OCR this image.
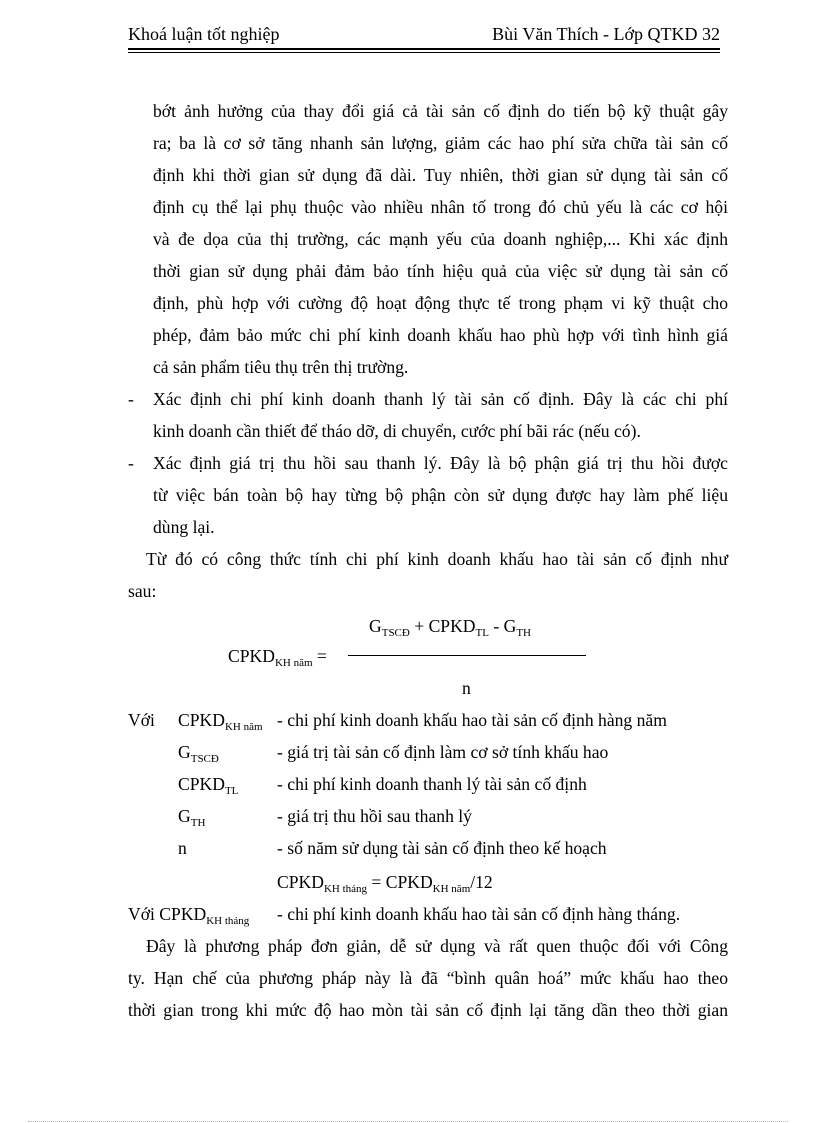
Khoá luận tốt nghiệp	Bùi Văn Thích - Lớp QTKD 32
bớt ảnh hưởng của thay đổi giá cả tài sản cố định do tiến bộ kỹ thuật gây
ra; ba là cơ sở tăng nhanh sản lượng, giảm các hao phí sửa chữa tài sản cố
định khi thời gian sử dụng đã dài. Tuy nhiên, thời gian sử dụng tài sản cố
định cụ thể lại phụ thuộc vào nhiều nhân tố trong đó chủ yếu là các cơ hội
và đe dọa của thị trường, các mạnh yếu của doanh nghiệp,... Khi xác định
thời gian sử dụng phải đảm bảo tính hiệu quả của việc sử dụng tài sản cố
định, phù hợp với cường độ hoạt động thực tế trong phạm vi kỹ thuật cho
phép, đảm bảo mức chi phí kinh doanh khấu hao phù hợp với tình hình giá
cả sản phẩm tiêu thụ trên thị trường.
- Xác định chi phí kinh doanh thanh lý tài sản cố định. Đây là các chi phí
kinh doanh cần thiết để tháo dỡ, di chuyển, cước phí bãi rác (nếu có).
- Xác định giá trị thu hồi sau thanh lý. Đây là bộ phận giá trị thu hồi được
từ việc bán toàn bộ hay từng bộ phận còn sử dụng được hay làm phế liệu
dùng lại.
Từ đó có công thức tính chi phí kinh doanh khấu hao tài sản cố định như
sau:
$G_{TSCĐ}$ + $CPKD_{TL} - G_{TH}$
$CPKD_{KH năm}$ =
n
Với $CPKD_{KH năm}$ - chi phí kinh doanh khấu hao tài sản cố định hàng năm
$G_{TSCĐ}$	- giá trị tài sản cố định làm cơ sở tính khấu hao
$CPKD_{TL}$ - chi phí kinh doanh thanh lý tài sản cố định
$G_{TH}$	- giá trị thu hồi sau thanh lý
n	- số năm sử dụng tài sản cố định theo kế hoạch
$CPKD_{KH tháng}$ = $CPKD_{KH năm}/12$
Với $CPKD_{KH tháng}$ - chi phí kinh doanh khấu hao tài sản cố định hàng tháng.
Đây là phương pháp đơn giản, dễ sử dụng và rất quen thuộc đối với Công
ty. Hạn chế của phương pháp này là đã “bình quân hoá” mức khấu hao theo
thời gian trong khi mức độ hao mòn tài sản cố định lại tăng dần theo thời gian
